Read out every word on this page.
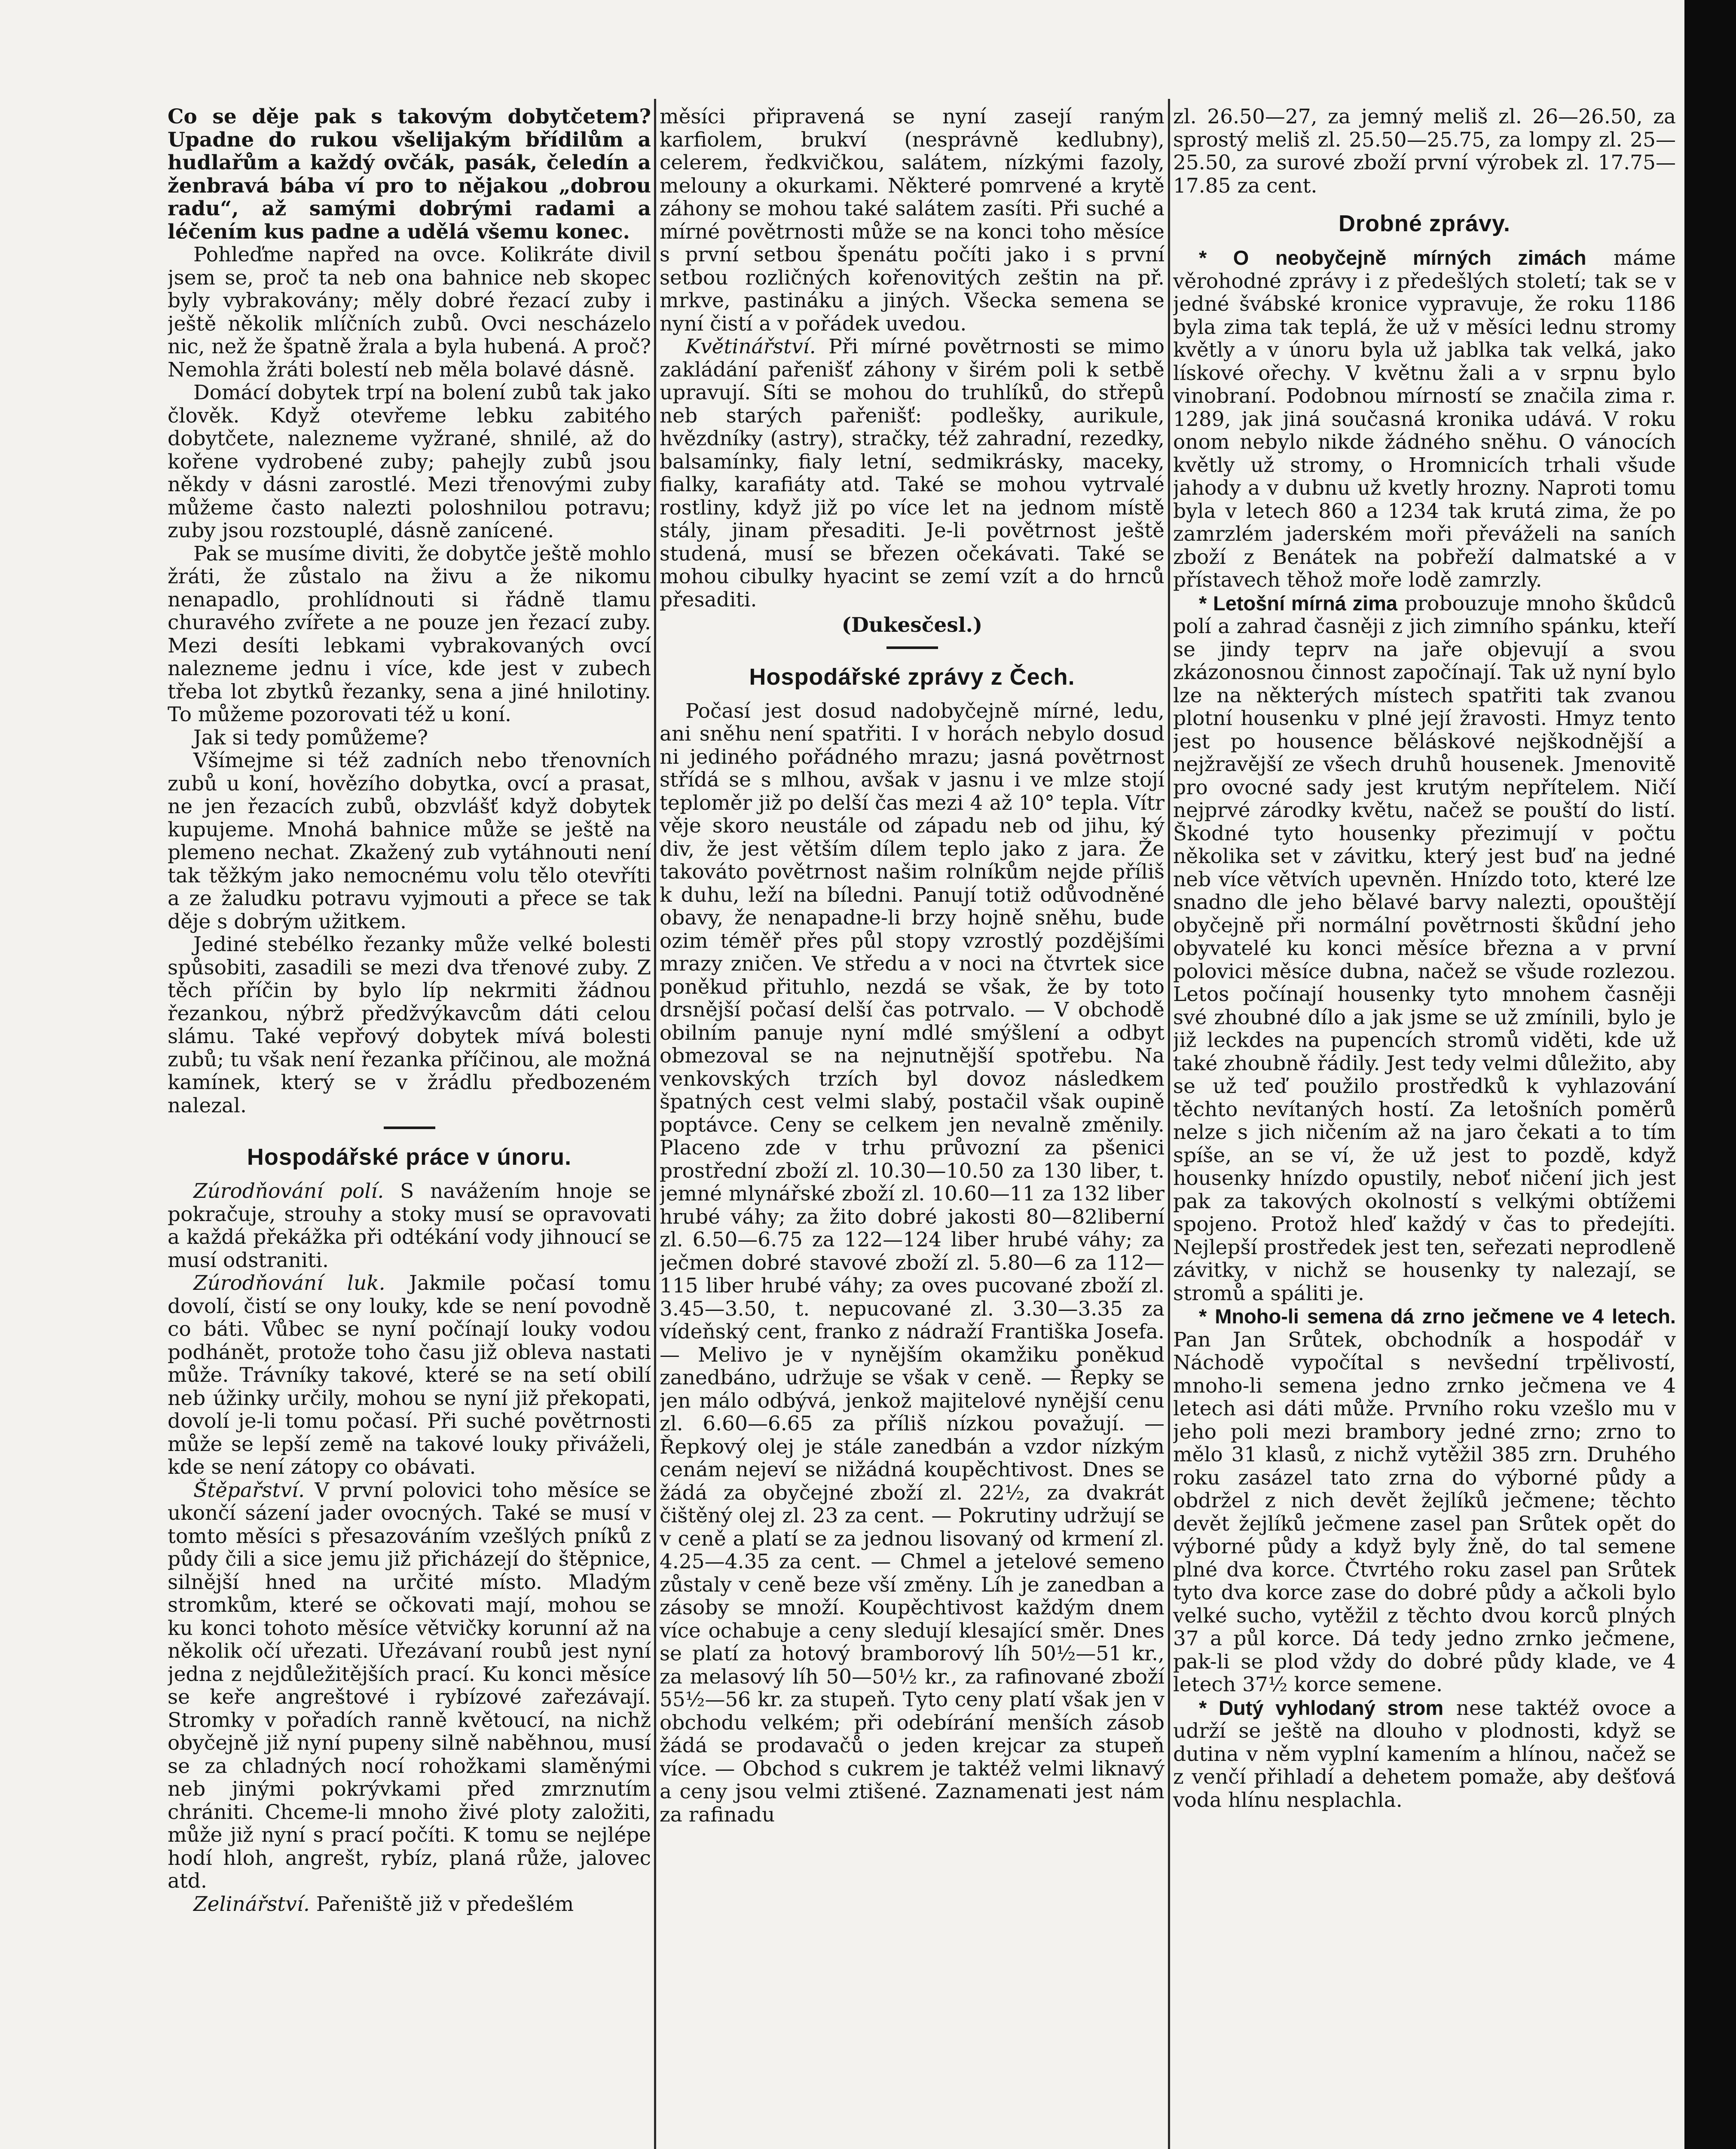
Co se děje pak s takovým dobytčetem? Upadne do rukou všelijakým břídilům a hudlařům a každý ovčák, pasák, čeledín a ženbravá bába ví pro to nějakou „dobrou radu“, až samými dobrými radami a léčením kus padne a udělá všemu konec.

Pohleďme napřed na ovce. Kolikráte divil jsem se, proč ta neb ona bahnice neb skopec byly vybrakovány; měly dobré řezací zuby i ještě několik mlíčních zubů. Ovci nescházelo nic, než že špatně žrala a byla hubená. A proč? Nemohla žráti bolestí neb měla bolavé dásně.

Domácí dobytek trpí na bolení zubů tak jako člověk. Když otevřeme lebku zabitého dobytčete, nalezneme vyžrané, shnilé, až do kořene vydrobené zuby; pahejly zubů jsou někdy v dásni zarostlé. Mezi třenovými zuby můžeme často nalezti poloshnilou potravu; zuby jsou rozstouplé, dásně zanícené.

Pak se musíme diviti, že dobytče ještě mohlo žráti, že zůstalo na živu a že nikomu nenapadlo, prohlídnouti si řádně tlamu churavého zvířete a ne pouze jen řezací zuby. Mezi desíti lebkami vybrakovaných ovcí nalezneme jednu i více, kde jest v zubech třeba lot zbytků řezanky, sena a jiné hnilotiny. To můžeme pozorovati též u koní.

Jak si tedy pomůžeme?

Všímejme si též zadních nebo třenovních zubů u koní, hovězího dobytka, ovcí a prasat, ne jen řezacích zubů, obzvlášť když dobytek kupujeme. Mnohá bahnice může se ještě na plemeno nechat. Zkažený zub vytáhnouti není tak těžkým jako nemocnému volu tělo otevříti a ze žaludku potravu vyjmouti a přece se tak děje s dobrým užitkem.

Jediné stebélko řezanky může velké bolesti spůsobiti, zasadili se mezi dva třenové zuby. Z těch příčin by bylo líp nekrmiti žádnou řezankou, nýbrž předžvýkavcům dáti celou slámu. Také vepřový dobytek mívá bolesti zubů; tu však není řezanka příčinou, ale možná kamínek, který se v žrádlu předbozeném nalezal.

Hospodářské práce v únoru.

Zúrodňování polí. S navážením hnoje se pokračuje, strouhy a stoky musí se opravovati a každá překážka při odtékání vody jihnoucí se musí odstraniti.

Zúrodňování luk. Jakmile počasí tomu dovolí, čistí se ony louky, kde se není povodně co báti. Vůbec se nyní počínají louky vodou podhánět, protože toho času již obleva nastati může. Trávníky takové, které se na setí obilí neb úžinky určily, mohou se nyní již překopati, dovolí je-li tomu počasí. Při suché povětrnosti může se lepší země na takové louky přiváželi, kde se není zátopy co obávati.

Štěpařství. V první polovici toho měsíce se ukončí sázení jader ovocných. Také se musí v tomto měsíci s přesazováním vzešlých pníků z půdy čili a sice jemu již přicházejí do štěpnice, silnější hned na určité místo. Mladým stromkům, které se očkovati mají, mohou se ku konci tohoto měsíce větvičky korunní až na několik očí uřezati. Uřezávaní roubů jest nyní jedna z nejdůležitějších prací. Ku konci měsíce se keře angreštové i rybízové zařezávají. Stromky v pořadích ranně květoucí, na nichž obyčejně již nyní pupeny silně naběhnou, musí se za chladných nocí rohožkami slaměnými neb jinými pokrývkami před zmrznutím chrániti. Chceme-li mnoho živé ploty založiti, může již nyní s prací počíti. K tomu se nejlépe hodí hloh, angrešt, rybíz, planá růže, jalovec atd.

Zelinářství. Pařeniště již v předešlém

měsíci připravená se nyní zasejí raným karfiolem, brukví (nesprávně kedlubny), celerem, ředkvičkou, salátem, nízkými fazoly, melouny a okurkami. Některé pomrvené a krytě záhony se mohou také salátem zasíti. Při suché a mírné povětrnosti může se na konci toho měsíce s první setbou špenátu počíti jako i s první setbou rozličných kořenovitých zeštin na př. mrkve, pastináku a jiných. Všecka semena se nyní čistí a v pořádek uvedou.

Květinářství. Při mírné povětrnosti se mimo zakládání pařenišť záhony v širém poli k setbě upravují. Síti se mohou do truhlíků, do střepů neb starých pařenišť: podlešky, aurikule, hvězdníky (astry), stračky, též zahradní, rezedky, balsamínky, fialy letní, sedmikrásky, maceky, fialky, karafiáty atd. Také se mohou vytrvalé rostliny, když již po více let na jednom místě stály, jinam přesaditi. Je-li povětrnost ještě studená, musí se březen očekávati. Také se mohou cibulky hyacint se zemí vzít a do hrnců přesaditi.

(Dukesčesl.)
Hospodářské zprávy z Čech.

Počasí jest dosud nadobyčejně mírné, ledu, ani sněhu není spatřiti. I v horách nebylo dosud ni jediného pořádného mrazu; jasná povětrnost střídá se s mlhou, avšak v jasnu i ve mlze stojí teploměr již po delší čas mezi 4 až 10° tepla. Vítr věje skoro neustále od západu neb od jihu, ký div, že jest větším dílem teplo jako z jara. Že takováto povětrnost našim rolníkům nejde příliš k duhu, leží na bíledni. Panují totiž odůvodněné obavy, že nenapadne-li brzy hojně sněhu, bude ozim téměř přes půl stopy vzrostlý pozdějšími mrazy zničen. Ve středu a v noci na čtvrtek sice poněkud přituhlo, nezdá se však, že by toto drsnější počasí delší čas potrvalo. — V obchodě obilním panuje nyní mdlé smýšlení a odbyt obmezoval se na nejnutnější spotřebu. Na venkovských trzích byl dovoz následkem špatných cest velmi slabý, postačil však oupině poptávce. Ceny se celkem jen nevalně změnily. Placeno zde v trhu průvozní za pšenici prostřední zboží zl. 10.30—10.50 za 130 liber, t. jemné mlynářské zboží zl. 10.60—11 za 132 liber hrubé váhy; za žito dobré jakosti 80—82liberní zl. 6.50—6.75 za 122—124 liber hrubé váhy; za ječmen dobré stavové zboží zl. 5.80—6 za 112—115 liber hrubé váhy; za oves pucované zboží zl. 3.45—3.50, t. nepucované zl. 3.30—3.35 za vídeňský cent, franko z nádraží Františka Josefa. — Melivo je v nynějším okamžiku poněkud zanedbáno, udržuje se však v ceně. — Řepky se jen málo odbývá, jenkož majitelové nynější cenu zl. 6.60—6.65 za příliš nízkou považují. — Řepkový olej je stále zanedbán a vzdor nízkým cenám nejeví se nižádná koupěchtivost. Dnes se žádá za obyčejné zboží zl. 22½, za dvakrát čištěný olej zl. 23 za cent. — Pokrutiny udržují se v ceně a platí se za jednou lisovaný od krmení zl. 4.25—4.35 za cent. — Chmel a jetelové semeno zůstaly v ceně beze vší změny. Líh je zanedban a zásoby se množí. Koupěchtivost každým dnem více ochabuje a ceny sledují klesající směr. Dnes se platí za hotový bramborový líh 50½—51 kr., za melasový líh 50—50½ kr., za rafinované zboží 55½—56 kr. za stupeň. Tyto ceny platí však jen v obchodu velkém; při odebírání menších zásob žádá se prodavačů o jeden krejcar za stupeň více. — Obchod s cukrem je taktéž velmi liknavý a ceny jsou velmi ztišené. Zaznamenati jest nám za rafinadu

zl. 26.50—27, za jemný meliš zl. 26—26.50, za sprostý meliš zl. 25.50—25.75, za lompy zl. 25—25.50, za surové zboží první výrobek zl. 17.75—17.85 za cent.

Drobné zprávy.

* O neobyčejně mírných zimách máme věrohodné zprávy i z předešlých století; tak se v jedné švábské kronice vypravuje, že roku 1186 byla zima tak teplá, že už v měsíci lednu stromy květly a v únoru byla už jablka tak velká, jako lískové ořechy. V květnu žali a v srpnu bylo vinobraní. Podobnou mírností se značila zima r. 1289, jak jiná současná kronika udává. V roku onom nebylo nikde žádného sněhu. O vánocích květly už stromy, o Hromnicích trhali všude jahody a v dubnu už kvetly hrozny. Naproti tomu byla v letech 860 a 1234 tak krutá zima, že po zamrzlém jaderském moři převáželi na saních zboží z Benátek na pobřeží dalmatské a v přístavech těhož moře lodě zamrzly.

* Letošní mírná zima probouzuje mnoho škůdců polí a zahrad časněji z jich zimního spánku, kteří se jindy teprv na jaře objevují a svou zkázonosnou činnost započínají. Tak už nyní bylo lze na některých místech spatřiti tak zvanou plotní housenku v plné její žravosti. Hmyz tento jest po housence běláskové nejškodnější a nejžravější ze všech druhů housenek. Jmenovitě pro ovocné sady jest krutým nepřítelem. Ničí nejprvé zárodky květu, načež se pouští do listí. Škodné tyto housenky přezimují v počtu několika set v závitku, který jest buď na jedné neb více větvích upevněn. Hnízdo toto, které lze snadno dle jeho bělavé barvy nalezti, opouštějí obyčejně při normální povětrnosti škůdní jeho obyvatelé ku konci měsíce března a v první polovici měsíce dubna, načež se všude rozlezou. Letos počínají housenky tyto mnohem časněji své zhoubné dílo a jak jsme se už zmínili, bylo je již leckdes na pupencích stromů viděti, kde už také zhoubně řádily. Jest tedy velmi důležito, aby se už teď použilo prostředků k vyhlazování těchto nevítaných hostí. Za letošních poměrů nelze s jich ničením až na jaro čekati a to tím spíše, an se ví, že už jest to pozdě, když housenky hnízdo opustily, neboť ničení jich jest pak za takových okolností s velkými obtížemi spojeno. Protož hleď každý v čas to předejíti. Nejlepší prostředek jest ten, seřezati neprodleně závitky, v nichž se housenky ty nalezají, se stromů a spáliti je.

* Mnoho-li semena dá zrno ječmene ve 4 letech. Pan Jan Srůtek, obchodník a hospodář v Náchodě vypočítal s nevšední trpělivostí, mnoho-li semena jedno zrnko ječmena ve 4 letech asi dáti může. Prvního roku vzešlo mu v jeho poli mezi brambory jedné zrno; zrno to mělo 31 klasů, z nichž vytěžil 385 zrn. Druhého roku zasázel tato zrna do výborné půdy a obdržel z nich devět žejlíků ječmene; těchto devět žejlíků ječmene zasel pan Srůtek opět do výborné půdy a když byly žně, do tal semene plné dva korce. Čtvrtého roku zasel pan Srůtek tyto dva korce zase do dobré půdy a ačkoli bylo velké sucho, vytěžil z těchto dvou korců plných 37 a půl korce. Dá tedy jedno zrnko ječmene, pak-li se plod vždy do dobré půdy klade, ve 4 letech 37½ korce semene.

* Dutý vyhlodaný strom nese taktéž ovoce a udrží se ještě na dlouho v plodnosti, když se dutina v něm vyplní kamením a hlínou, načež se z venčí přihladí a dehetem pomaže, aby dešťová voda hlínu nesplachla.
